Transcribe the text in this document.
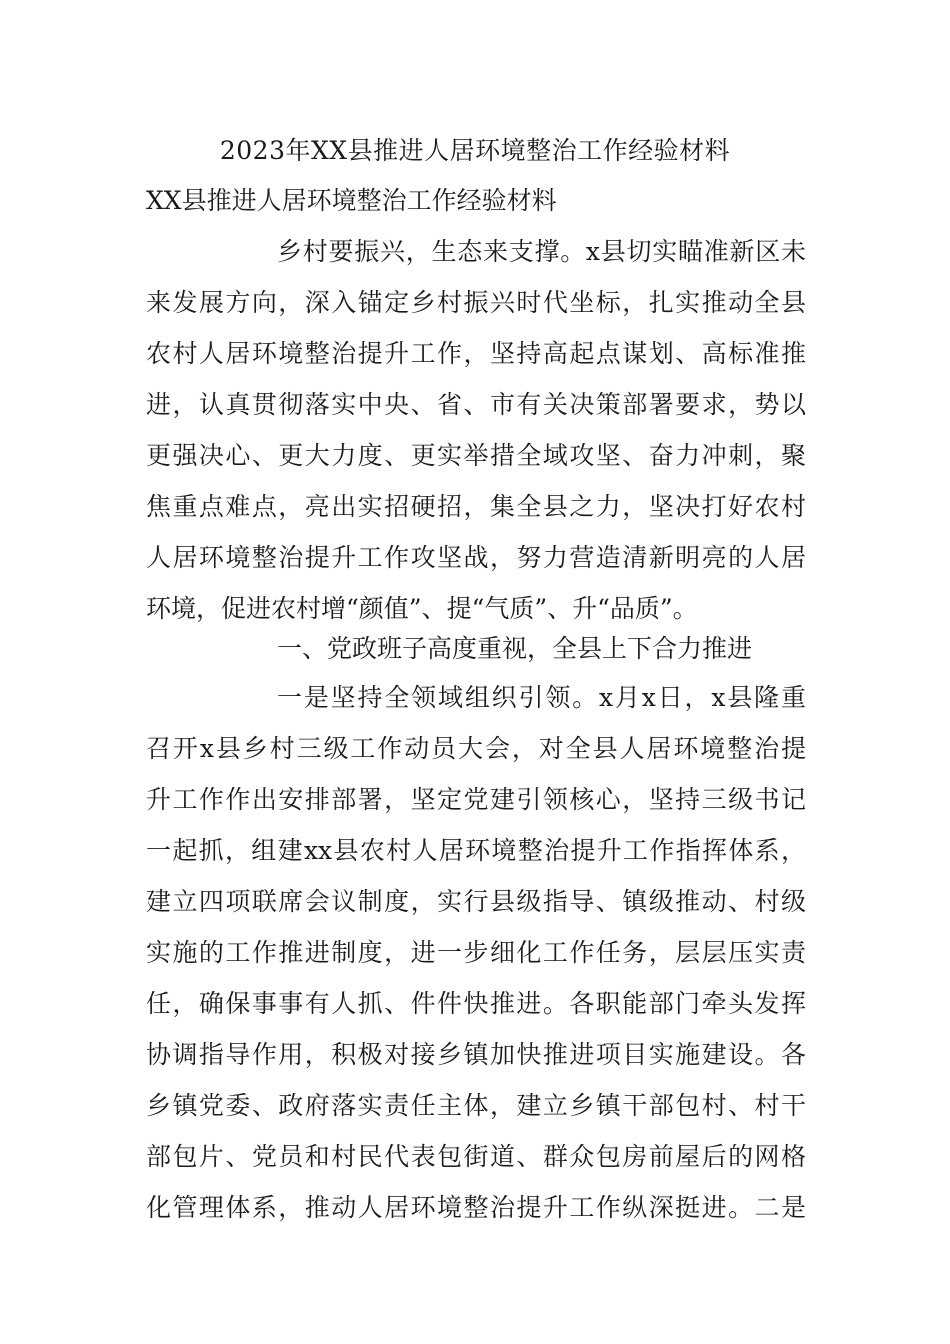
2023年XX县推进人居环境整治工作经验材料
XX县推进人居环境整治工作经验材料

乡村要振兴，生态来支撑。x县切实瞄准新区未

来发展方向，深入锚定乡村振兴时代坐标，扎实推动全县

农村人居环境整治提升工作，坚持高起点谋划、高标准推

进，认真贯彻落实中央、省、市有关决策部署要求，势以

更强决心、更大力度、更实举措全域攻坚、奋力冲刺，聚

焦重点难点，亮出实招硬招，集全县之力，坚决打好农村

人居环境整治提升工作攻坚战，努力营造清新明亮的人居

环境，促进农村增“颜值”、提“气质”、升“品质”。

一、党政班子高度重视，全县上下合力推进

一是坚持全领域组织引领。x月x日，x县隆重

召开x县乡村三级工作动员大会，对全县人居环境整治提

升工作作出安排部署，坚定党建引领核心，坚持三级书记

一起抓，组建xx县农村人居环境整治提升工作指挥体系，

建立四项联席会议制度，实行县级指导、镇级推动、村级

实施的工作推进制度，进一步细化工作任务，层层压实责

任，确保事事有人抓、件件快推进。各职能部门牵头发挥

协调指导作用，积极对接乡镇加快推进项目实施建设。各

乡镇党委、政府落实责任主体，建立乡镇干部包村、村干

部包片、党员和村民代表包街道、群众包房前屋后的网格

化管理体系，推动人居环境整治提升工作纵深挺进。二是
